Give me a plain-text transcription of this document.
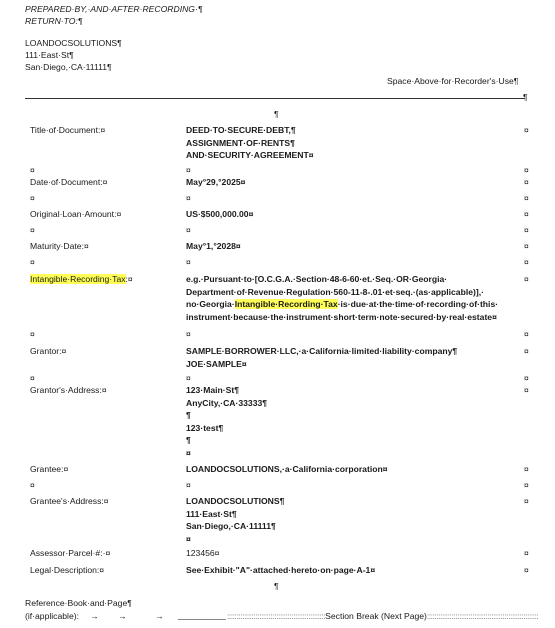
PREPARED·BY,·AND·AFTER·RECORDING·¶
RETURN·TO:¶
LOANDOCSOLUTIONS¶
111·East·St¶
San·Diego,·CA·11111¶
Space·Above·for·Recorder's·Use¶
¶
¶
Title·of·Document:¤	DEED·TO·SECURE·DEBT,¶
ASSIGNMENT·OF·RENTS¶
AND·SECURITY·AGREEMENT¤
¤
¤	¤	¤
Date·of·Document:¤	May°29,°2025¤	¤
¤	¤	¤
Original·Loan·Amount:¤	US·$500,000.00¤	¤
¤	¤	¤
Maturity·Date:¤	May°1,°2028¤	¤
¤	¤	¤
Intangible·Recording·Tax:¤	e.g.·Pursuant·to·[O.C.G.A.·Section·48-6-60·et.·Seq.·OR·Georgia·
Department·of·Revenue·Regulation·560-11-8-.01·et·seq.·(as·applicable)],·
no·Georgia·Intangible·Recording·Tax·is·due·at·the·time·of·recording·of·this·
instrument·because·the·instrument·short·term·note·secured·by·real·estate¤
¤
¤	¤	¤
Grantor:¤	SAMPLE·BORROWER·LLC,·a·California·limited·liability·company¶
JOE·SAMPLE¤
¤
¤	¤	¤
Grantor's·Address:¤	123·Main·St¶
AnyCity,·CA·33333¶
¶
123·test¶
¶
¤
¤
Grantee:¤	LOANDOCSOLUTIONS,·a·California·corporation¤	¤
¤	¤	¤
Grantee's·Address:¤	LOANDOCSOLUTIONS¶
111·East·St¶
San·Diego,·CA·11111¶
¤
¤
Assessor·Parcel·#:·¤	123456¤	¤
Legal·Description:¤	See·Exhibit·"A"·attached·hereto·on·page·A-1¤	¤
¶
Reference·Book·and·Page¶
(if·applicable): → →	→ __________ ::::::::::::::::::::::::::::::::::::::::::::::::::::Section Break (Next Page):::::::::::::::::::::::::::::::::::::::::::::::::::::::::::
